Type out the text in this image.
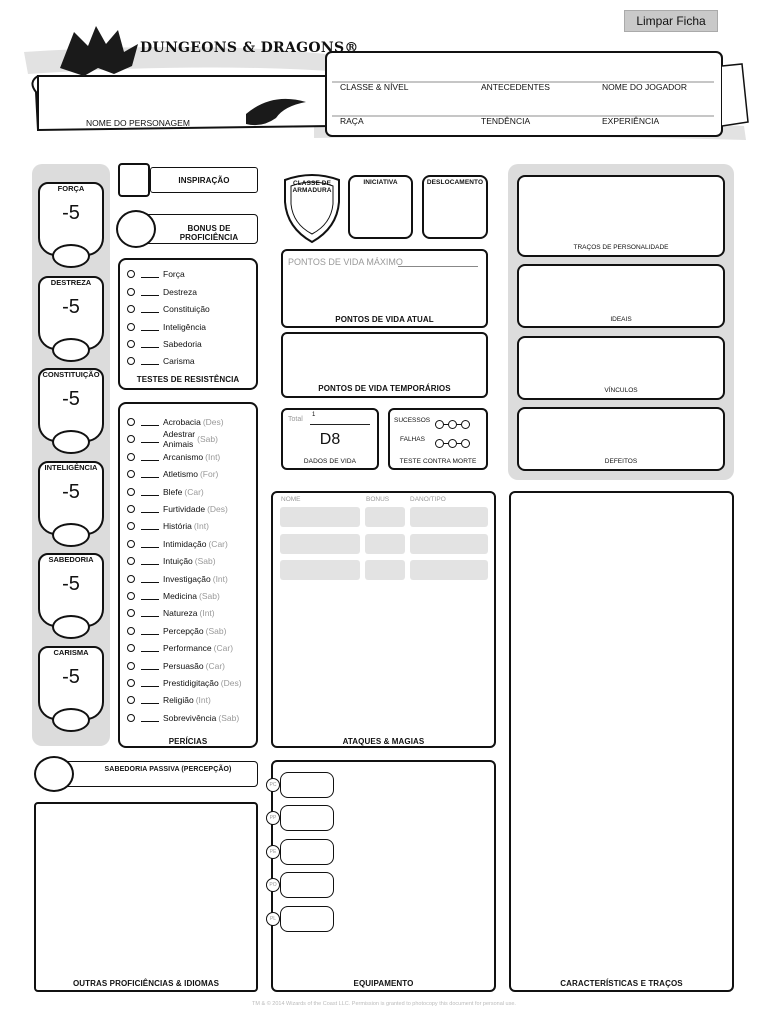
Limpar Ficha
DUNGEONS & DRAGONS®
NOME DO PERSONAGEM
CLASSE & NÍVEL	ANTECEDENTES	NOME DO JOGADOR
RAÇA	TENDÊNCIA	EXPERIÊNCIA
FORÇA
-5
DESTREZA
-5
CONSTITUIÇÃO
-5
INTELIGÊNCIA
-5
SABEDORIA
-5
CARISMA
-5
INSPIRAÇÃO
BONUS DE PROFICIÊNCIA
Força
Destreza
Constituição
Inteligência
Sabedoria
Carisma
TESTES DE RESISTÊNCIA
Acrobacia (Des)
Adestrar Animais (Sab)
Arcanismo (Int)
Atletismo (For)
Blefe (Car)
Furtividade (Des)
História (Int)
Intimidação (Car)
Intuição (Sab)
Investigação (Int)
Medicina (Sab)
Natureza (Int)
Percepção (Sab)
Performance (Car)
Persuasão (Car)
Prestidigitação (Des)
Religião (Int)
Sobrevivência (Sab)
PERÍCIAS
SABEDORIA PASSIVA (PERCEPÇÃO)
OUTRAS PROFICIÊNCIAS & IDIOMAS
CLASSE DE ARMADURA
INICIATIVA	DESLOCAMENTO
PONTOS DE VIDA MÁXIMO
PONTOS DE VIDA ATUAL
PONTOS DE VIDA TEMPORÁRIOS
Total
1
D8
DADOS DE VIDA
SUCESSOS
FALHAS
TESTE CONTRA MORTE
NOME	BONUS	DANO/TIPO
ATAQUES & MAGIAS
PC
PP
PE
PO
PL
EQUIPAMENTO
TRAÇOS DE PERSONALIDADE
IDEAIS
VÍNCULOS
DEFEITOS
CARACTERÍSTICAS E TRAÇOS
TM & © 2014 Wizards of the Coast LLC. Permission is granted to photocopy this document for personal use.
